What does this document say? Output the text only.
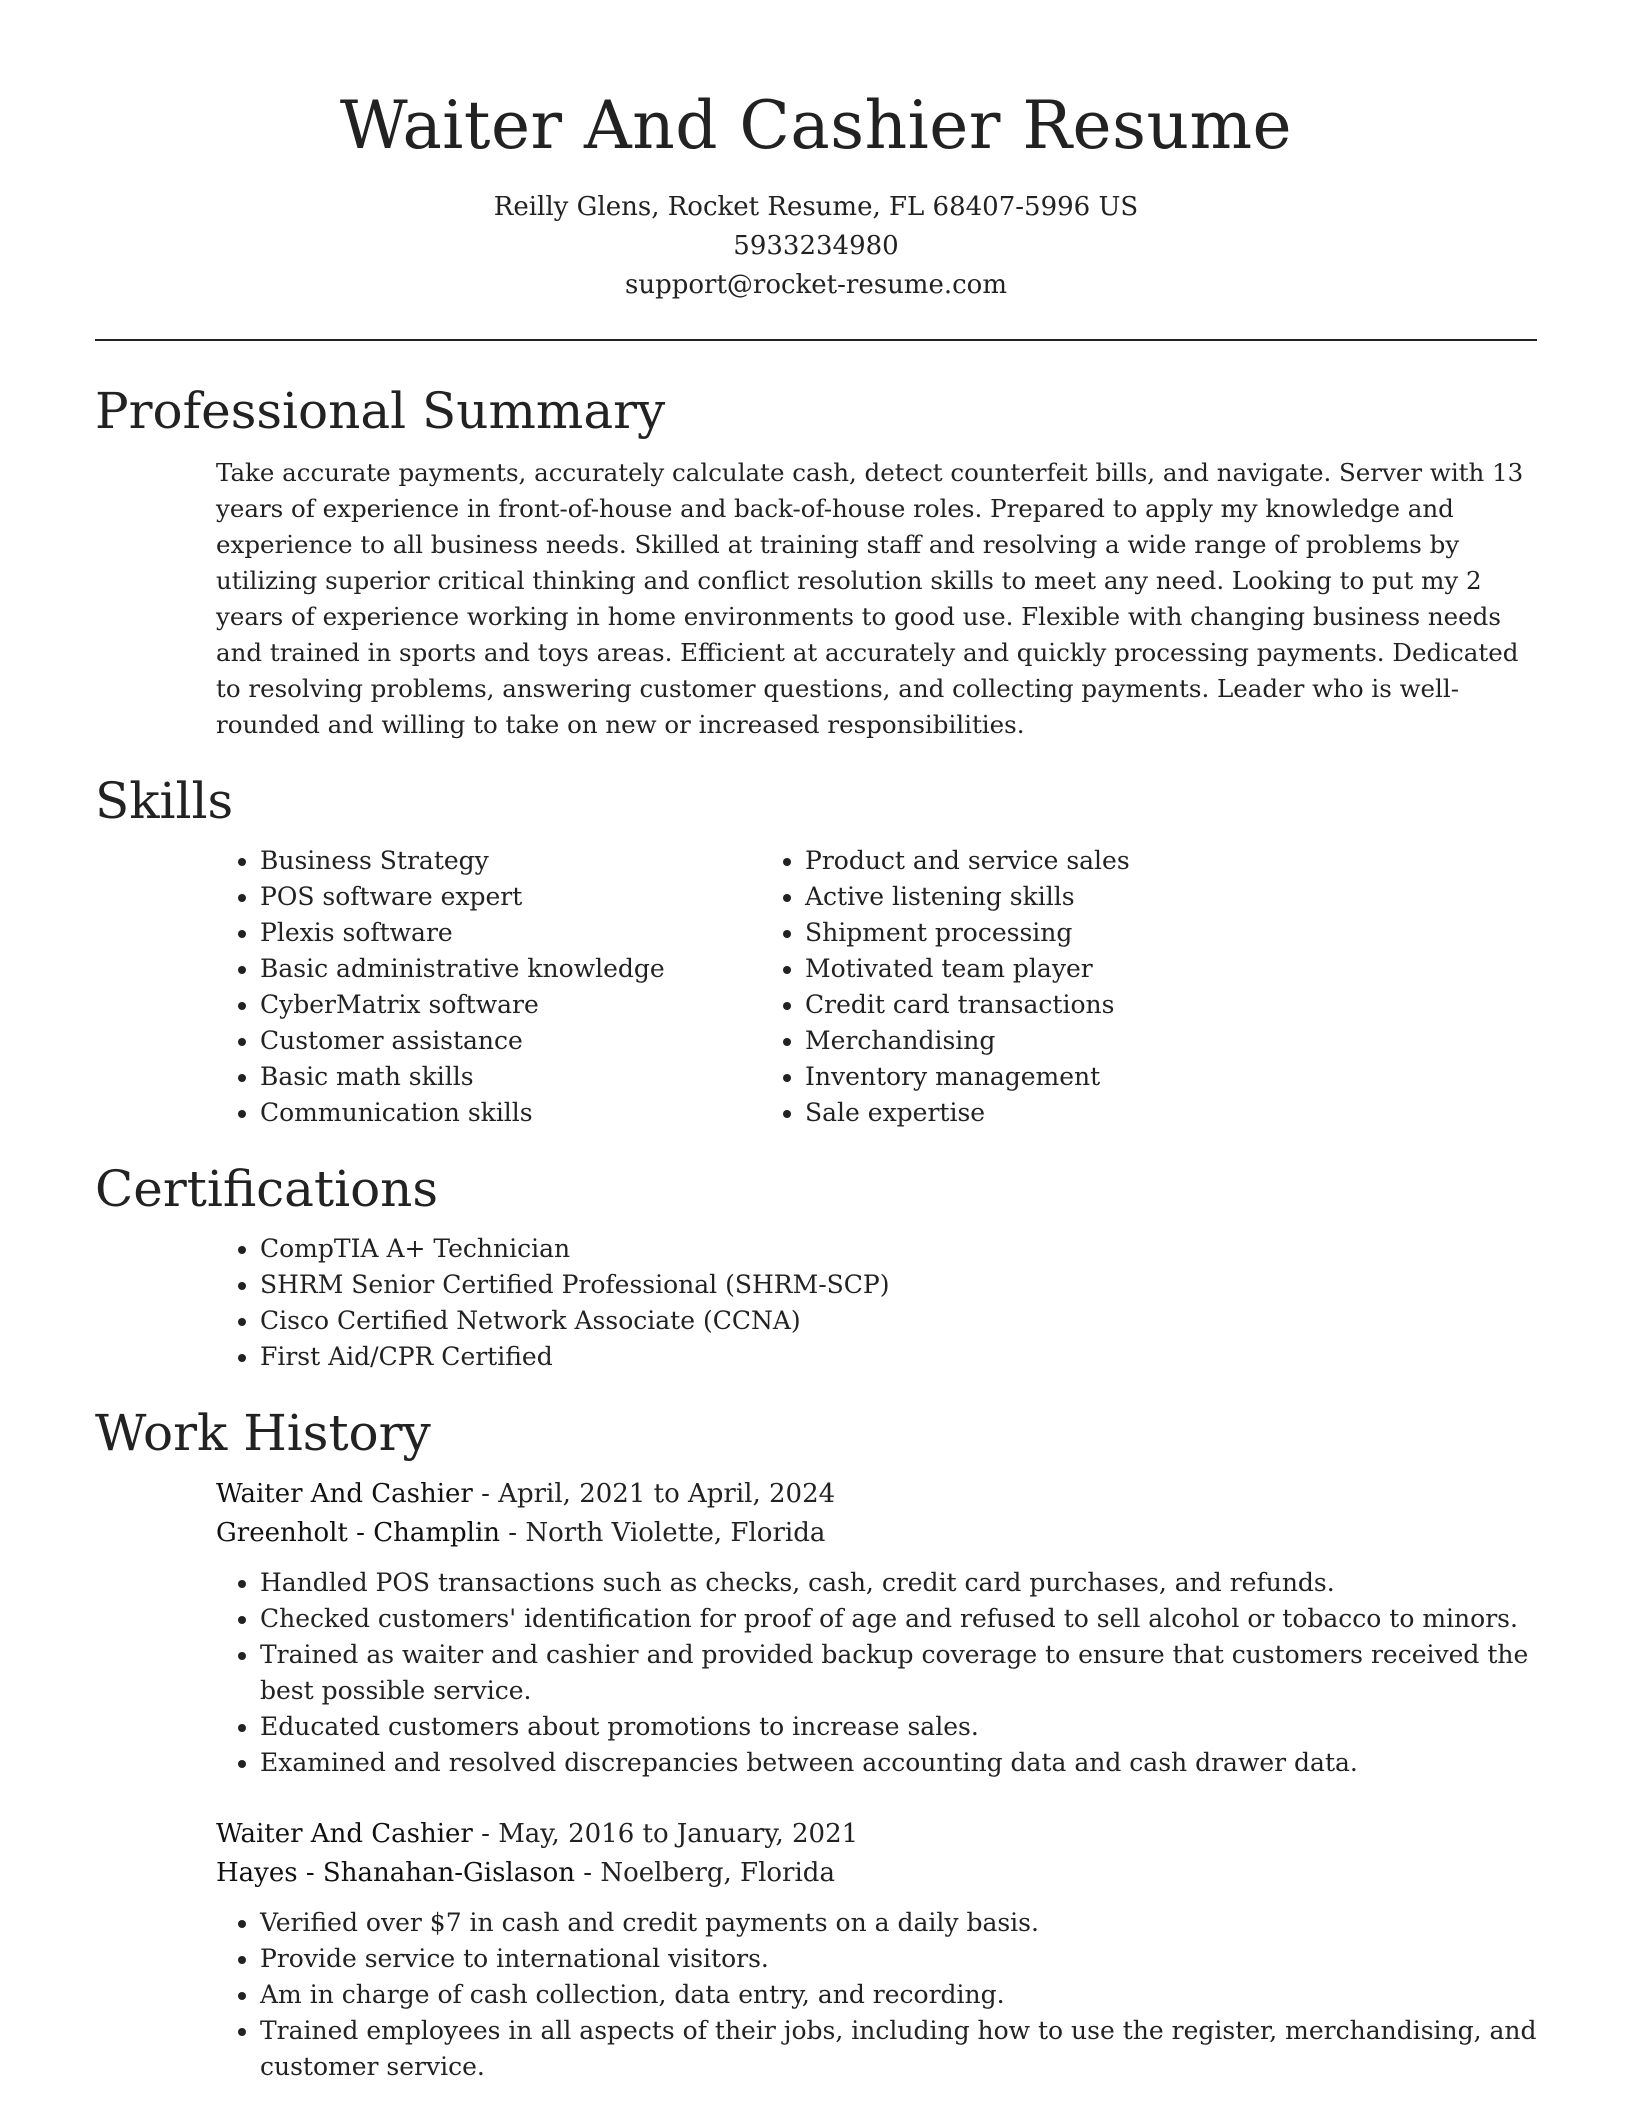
Waiter And Cashier Resume
Reilly Glens, Rocket Resume, FL 68407-5996 US
5933234980
support@rocket-resume.com
Professional Summary

Take accurate payments, accurately calculate cash, detect counterfeit bills, and navigate. Server with 13 years of experience in front-of-house and back-of-house roles. Prepared to apply my knowledge and experience to all business needs. Skilled at training staff and resolving a wide range of problems by utilizing superior critical thinking and conflict resolution skills to meet any need. Looking to put my 2 years of experience working in home environments to good use. Flexible with changing business needs and trained in sports and toys areas. Efficient at accurately and quickly processing payments. Dedicated to resolving problems, answering customer questions, and collecting payments. Leader who is well-rounded and willing to take on new or increased responsibilities.

Skills
• Business Strategy
• POS software expert
• Plexis software
• Basic administrative knowledge
• CyberMatrix software
• Customer assistance
• Basic math skills
• Communication skills
• Product and service sales
• Active listening skills
• Shipment processing
• Motivated team player
• Credit card transactions
• Merchandising
• Inventory management
• Sale expertise
Certifications
• CompTIA A+ Technician
• SHRM Senior Certified Professional (SHRM-SCP)
• Cisco Certified Network Associate (CCNA)
• First Aid/CPR Certified
Work History
Waiter And Cashier - April, 2021 to April, 2024
Greenholt - Champlin - North Violette, Florida
• Handled POS transactions such as checks, cash, credit card purchases, and refunds.
• Checked customers' identification for proof of age and refused to sell alcohol or tobacco to minors.
• Trained as waiter and cashier and provided backup coverage to ensure that customers received the best possible service.
• Educated customers about promotions to increase sales.
• Examined and resolved discrepancies between accounting data and cash drawer data.
Waiter And Cashier - May, 2016 to January, 2021
Hayes - Shanahan-Gislason - Noelberg, Florida
• Verified over $7 in cash and credit payments on a daily basis.
• Provide service to international visitors.
• Am in charge of cash collection, data entry, and recording.
• Trained employees in all aspects of their jobs, including how to use the register, merchandising, and customer service.
